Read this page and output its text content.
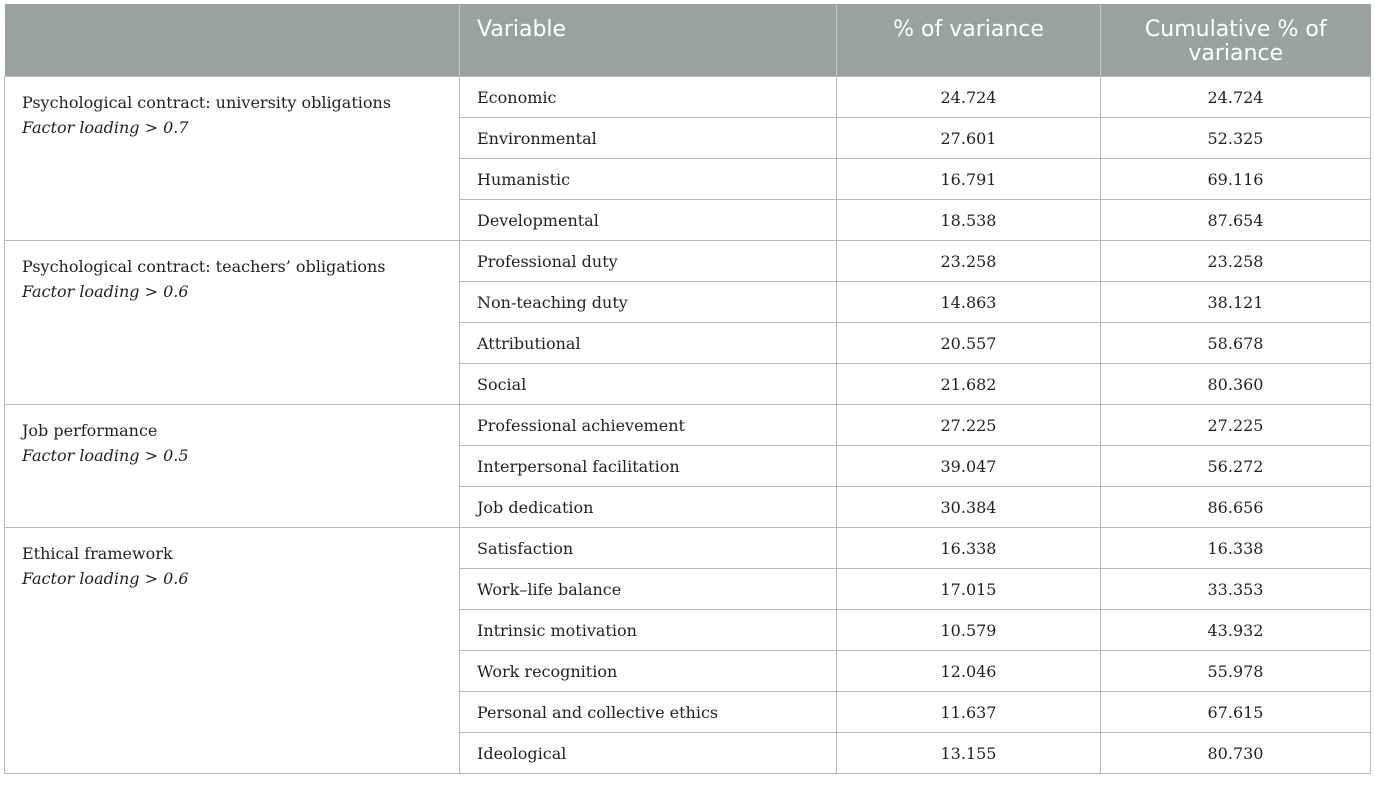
	Variable	% of variance	Cumulative % of variance

Psychological contract: university obligations
Factor loading > 0.7	Economic	24.724	24.724
	Environmental	27.601	52.325
	Humanistic	16.791	69.116
	Developmental	18.538	87.654

Psychological contract: teachers’ obligations
Factor loading > 0.6	Professional duty	23.258	23.258
	Non-teaching duty	14.863	38.121
	Attributional	20.557	58.678
	Social	21.682	80.360

Job performance
Factor loading > 0.5	Professional achievement	27.225	27.225
	Interpersonal facilitation	39.047	56.272
	Job dedication	30.384	86.656

Ethical framework
Factor loading > 0.6	Satisfaction	16.338	16.338
	Work–life balance	17.015	33.353
	Intrinsic motivation	10.579	43.932
	Work recognition	12.046	55.978
	Personal and collective ethics	11.637	67.615
	Ideological	13.155	80.730
